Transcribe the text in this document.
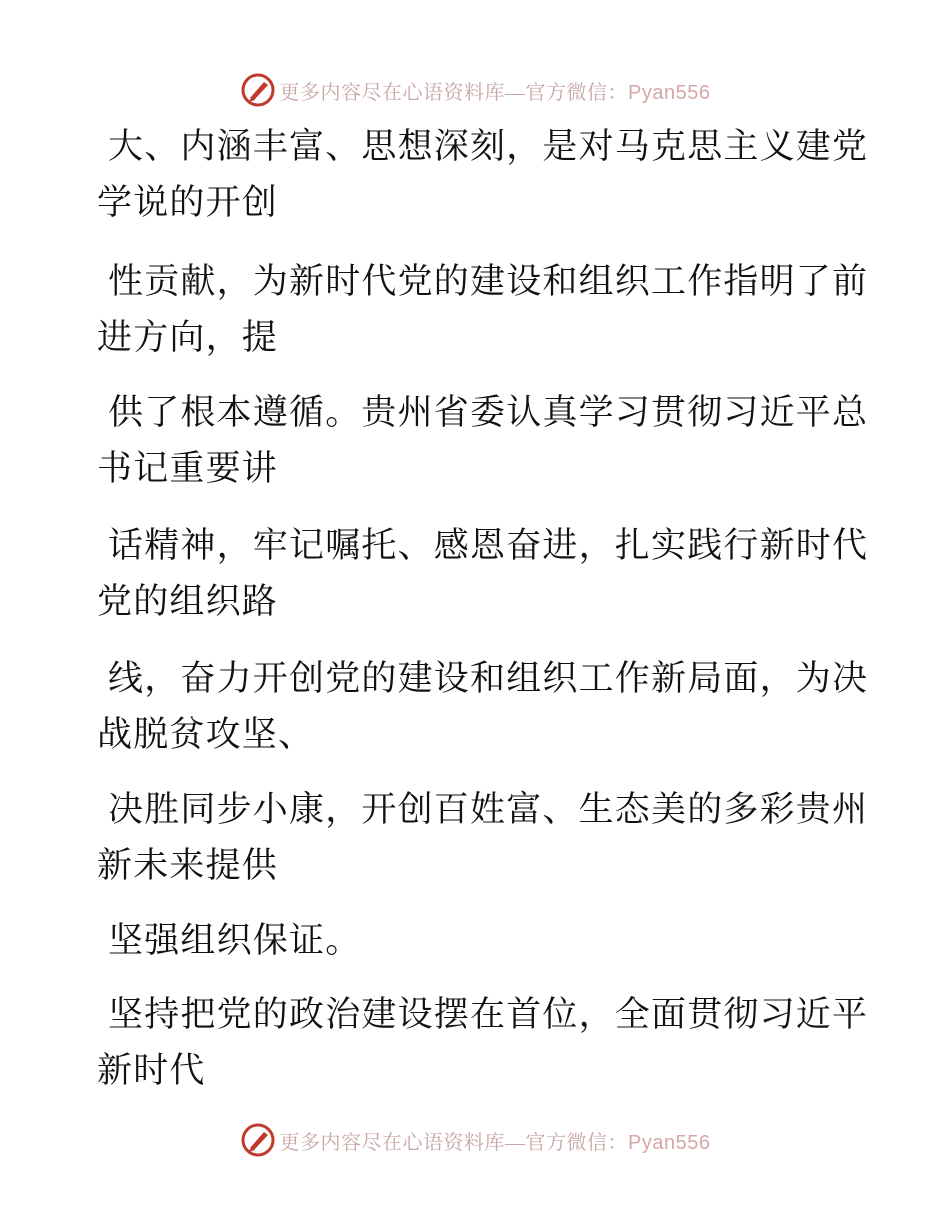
更多内容尽在心语资料库—官方微信：Pyan556
大、内涵丰富、思想深刻，是对马克思主义建党
学说的开创
性贡献，为新时代党的建设和组织工作指明了前
进方向，提
供了根本遵循。贵州省委认真学习贯彻习近平总
书记重要讲
话精神，牢记嘱托、感恩奋进，扎实践行新时代
党的组织路
线，奋力开创党的建设和组织工作新局面，为决
战脱贫攻坚、
决胜同步小康，开创百姓富、生态美的多彩贵州
新未来提供
坚强组织保证。
坚持把党的政治建设摆在首位，全面贯彻习近平
新时代
更多内容尽在心语资料库—官方微信：Pyan556
